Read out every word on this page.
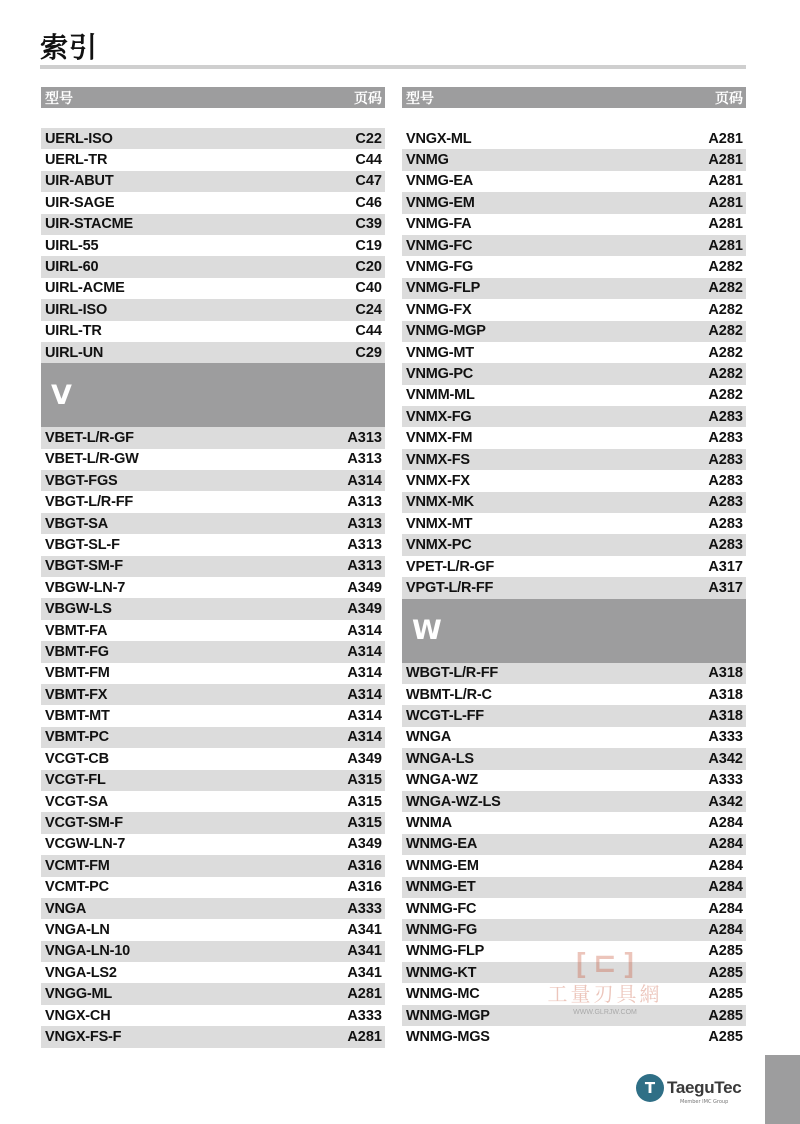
索引
型号	页码
UERL-ISO	C22
UERL-TR	C44
UIR-ABUT	C47
UIR-SAGE	C46
UIR-STACME	C39
UIRL-55	C19
UIRL-60	C20
UIRL-ACME	C40
UIRL-ISO	C24
UIRL-TR	C44
UIRL-UN	C29
V
VBET-L/R-GF	A313
VBET-L/R-GW	A313
VBGT-FGS	A314
VBGT-L/R-FF	A313
VBGT-SA	A313
VBGT-SL-F	A313
VBGT-SM-F	A313
VBGW-LN-7	A349
VBGW-LS	A349
VBMT-FA	A314
VBMT-FG	A314
VBMT-FM	A314
VBMT-FX	A314
VBMT-MT	A314
VBMT-PC	A314
VCGT-CB	A349
VCGT-FL	A315
VCGT-SA	A315
VCGT-SM-F	A315
VCGW-LN-7	A349
VCMT-FM	A316
VCMT-PC	A316
VNGA	A333
VNGA-LN	A341
VNGA-LN-10	A341
VNGA-LS2	A341
VNGG-ML	A281
VNGX-CH	A333
VNGX-FS-F	A281
型号	页码
VNGX-ML	A281
VNMG	A281
VNMG-EA	A281
VNMG-EM	A281
VNMG-FA	A281
VNMG-FC	A281
VNMG-FG	A282
VNMG-FLP	A282
VNMG-FX	A282
VNMG-MGP	A282
VNMG-MT	A282
VNMG-PC	A282
VNMM-ML	A282
VNMX-FG	A283
VNMX-FM	A283
VNMX-FS	A283
VNMX-FX	A283
VNMX-MK	A283
VNMX-MT	A283
VNMX-PC	A283
VPET-L/R-GF	A317
VPGT-L/R-FF	A317
W
WBGT-L/R-FF	A318
WBMT-L/R-C	A318
WCGT-L-FF	A318
WNGA	A333
WNGA-LS	A342
WNGA-WZ	A333
WNGA-WZ-LS	A342
WNMA	A284
WNMG-EA	A284
WNMG-EM	A284
WNMG-ET	A284
WNMG-FC	A284
WNMG-FG	A284
WNMG-FLP	A285
WNMG-KT	A285
WNMG-MC	A285
WNMG-MGP	A285
WNMG-MGS	A285
[ ⊏ ]
工量刃具網
WWW.GLRJW.COM
T TaeguTec
Member IMC Group
